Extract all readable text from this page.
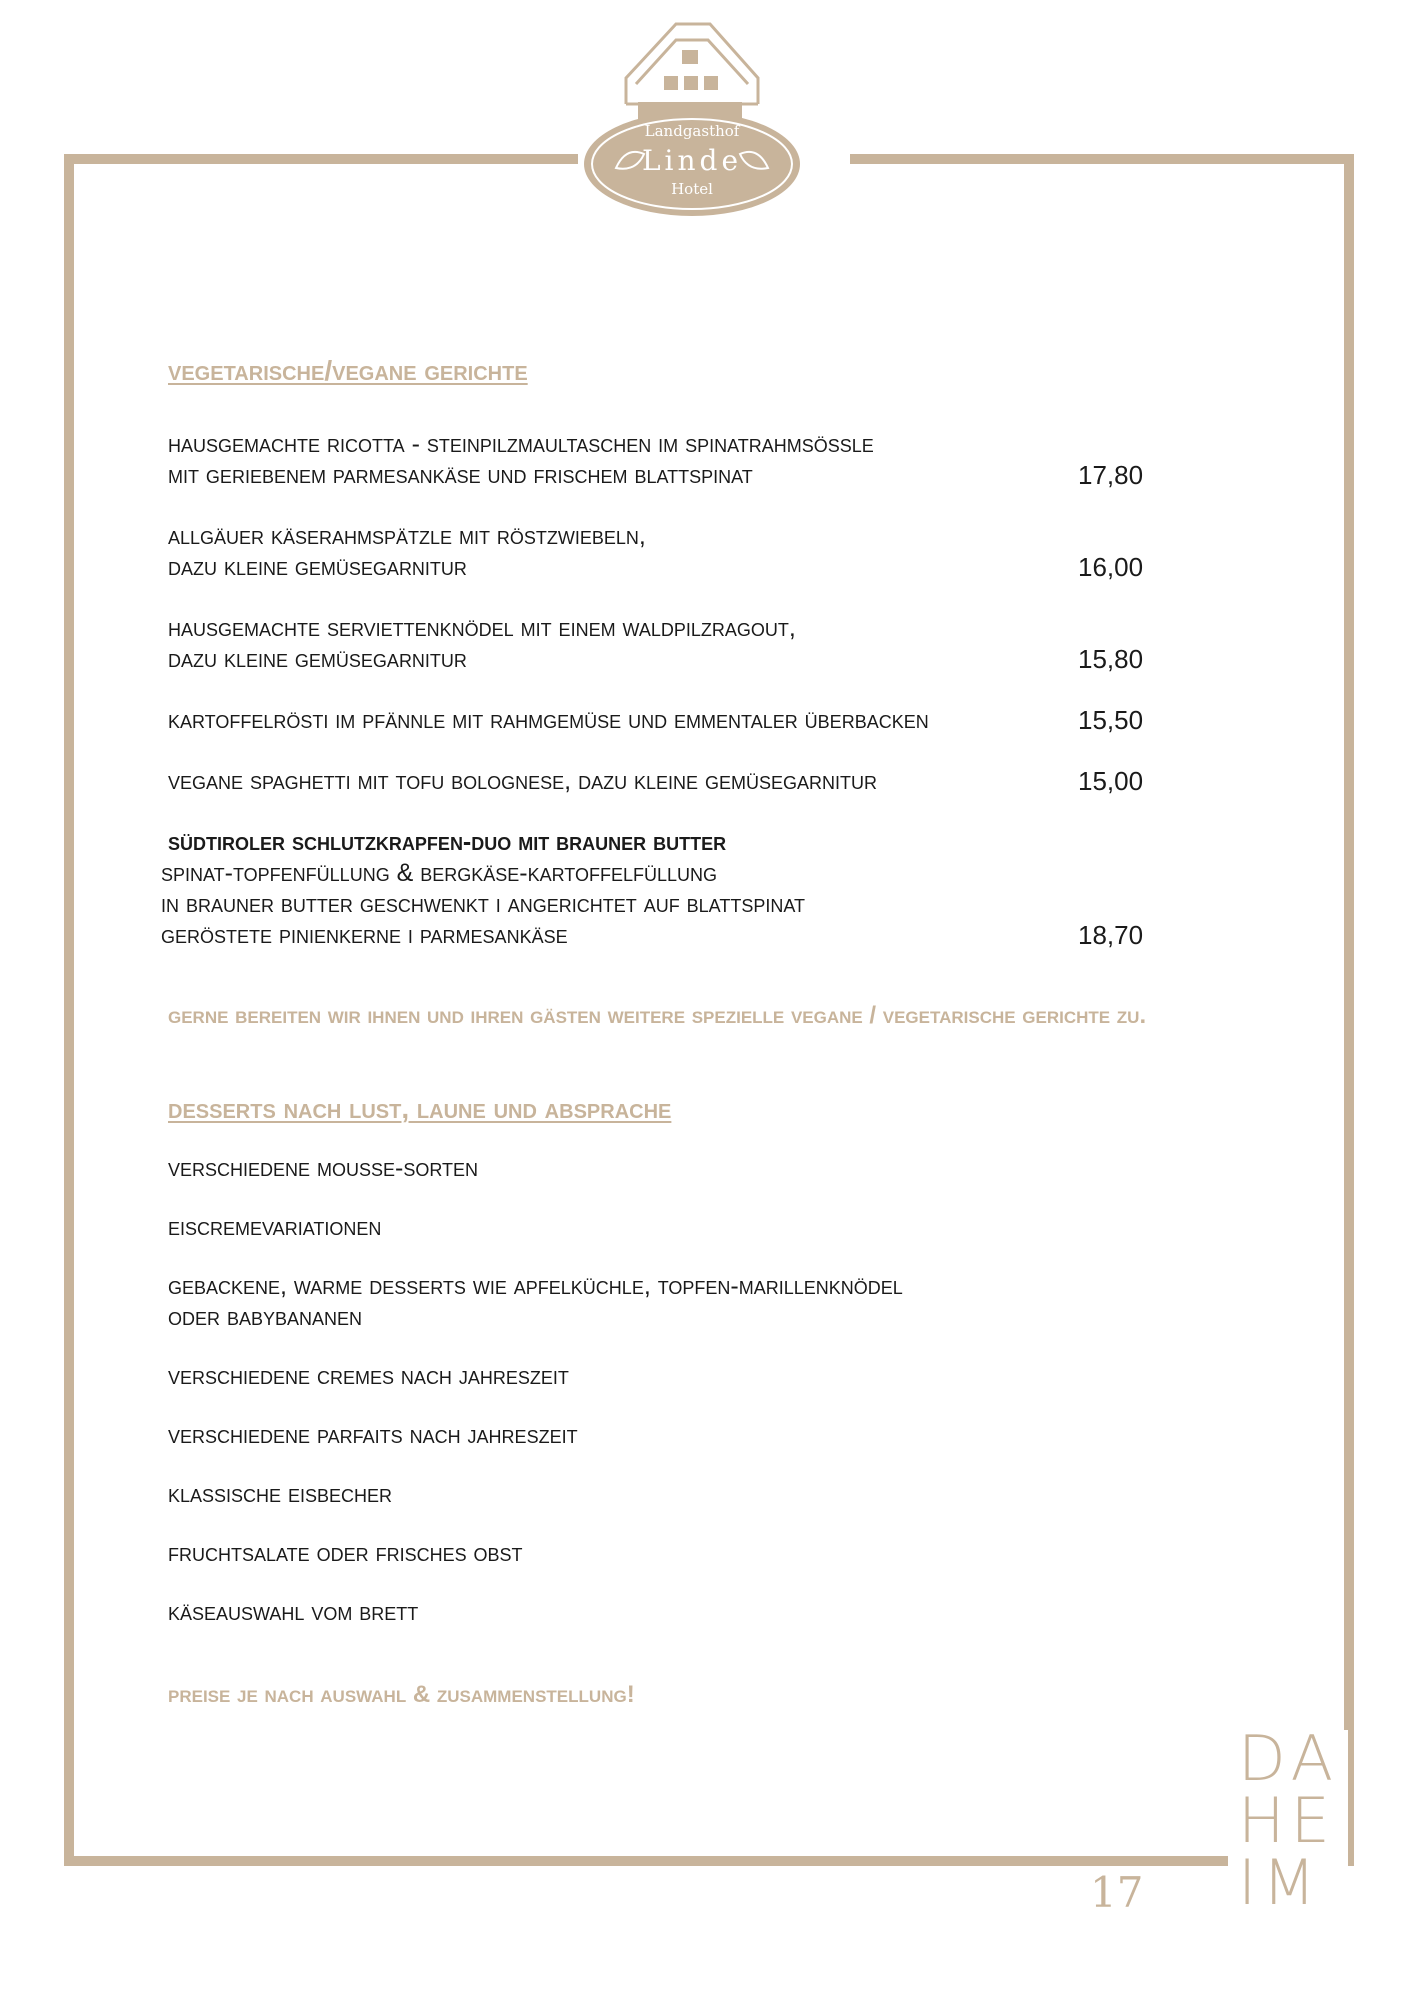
Landgasthof
Linde
Hotel

vegetarische/vegane gerichte

hausgemachte ricotta - steinpilzmaultaschen im spinatrahmsößle
mit geriebenem parmesankäse und frischem blattspinat	17,80
allgäuer käserahmspätzle mit röstzwiebeln,
dazu kleine gemüsegarnitur	16,00
hausgemachte serviettenknödel mit einem waldpilzragout,
dazu kleine gemüsegarnitur	15,80
kartoffelrösti im pfännle mit rahmgemüse und emmentaler überbacken	15,50
vegane spaghetti mit tofu bolognese, dazu kleine gemüsegarnitur	15,00
südtiroler schlutzkrapfen-duo mit brauner butter
spinat-topfenfüllung & bergkäse-kartoffelfüllung
in brauner butter geschwenkt i angerichtet auf blattspinat
geröstete pinienkerne i parmesankäse	18,70

gerne bereiten wir ihnen und ihren gästen weitere spezielle vegane / vegetarische gerichte zu.

desserts nach lust, laune und absprache

verschiedene mousse-sorten
eiscremevariationen
gebackene, warme desserts wie apfelküchle, topfen-marillenknödel
oder babybananen
verschiedene cremes nach jahreszeit
verschiedene parfaits nach jahreszeit
klassische eisbecher
fruchtsalate oder frisches obst
käseauswahl vom brett

preise je nach auswahl & zusammenstellung!

DA
HE
IM
17
